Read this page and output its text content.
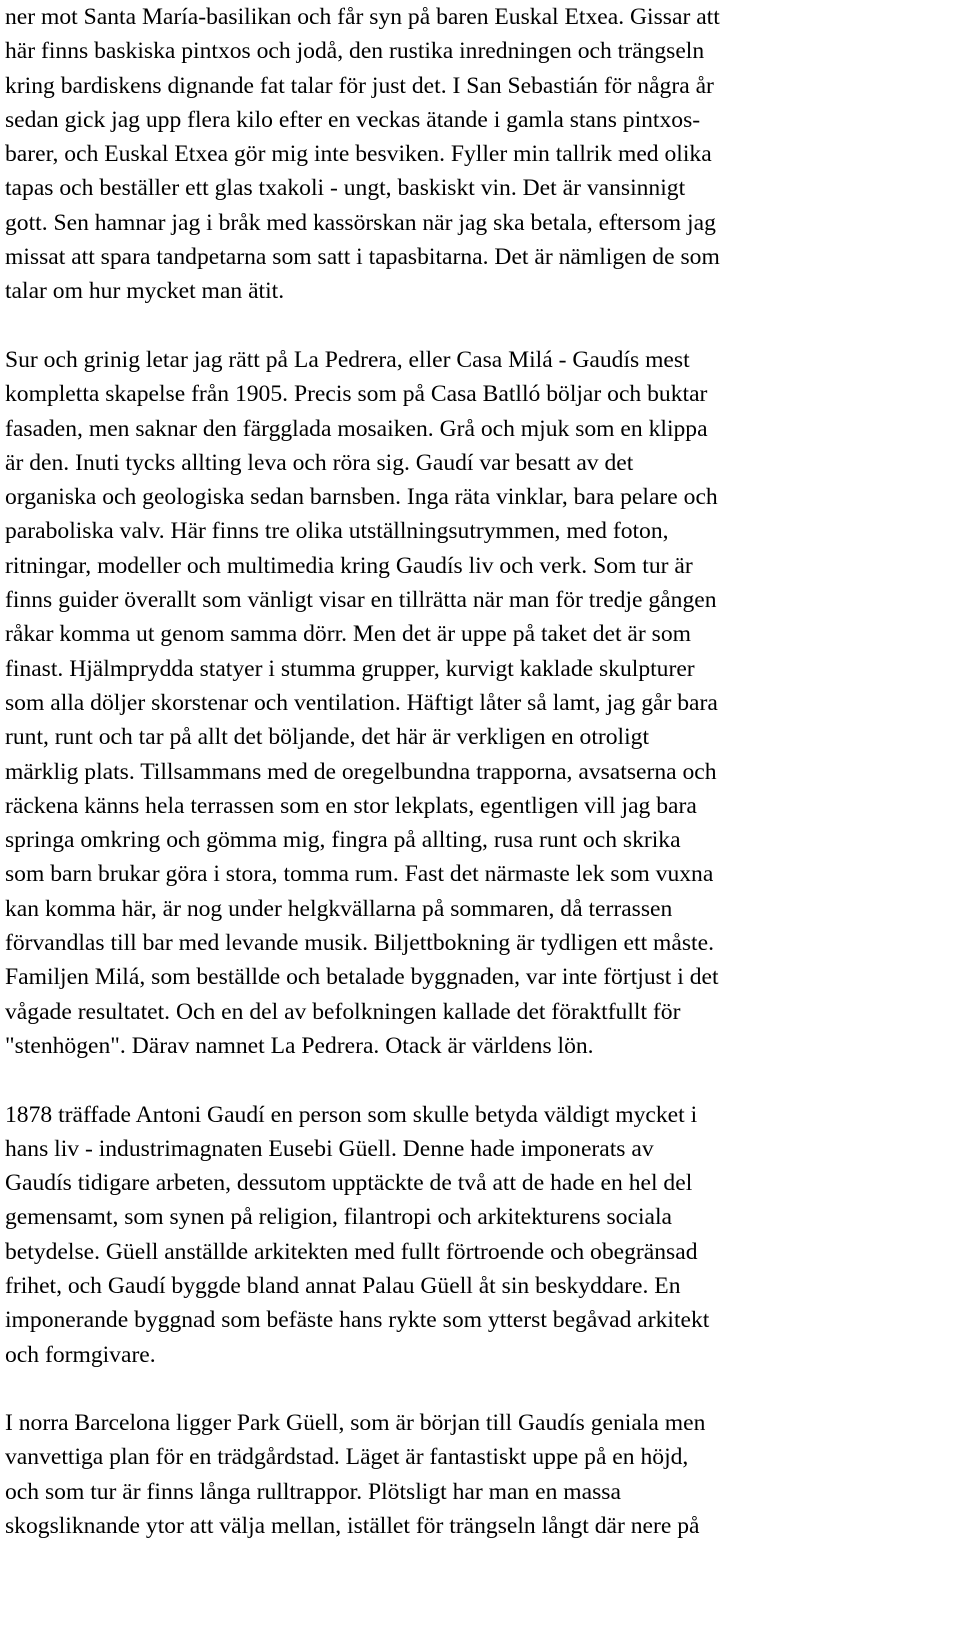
ner mot Santa María-basilikan och får syn på baren Euskal Etxea. Gissar att
här finns baskiska pintxos och jodå, den rustika inredningen och trängseln
kring bardiskens dignande fat talar för just det. I San Sebastián för några år
sedan gick jag upp flera kilo efter en veckas ätande i gamla stans pintxos-
barer, och Euskal Etxea gör mig inte besviken. Fyller min tallrik med olika
tapas och beställer ett glas txakoli - ungt, baskiskt vin. Det är vansinnigt
gott. Sen hamnar jag i bråk med kassörskan när jag ska betala, eftersom jag
missat att spara tandpetarna som satt i tapasbitarna. Det är nämligen de som
talar om hur mycket man ätit.

Sur och grinig letar jag rätt på La Pedrera, eller Casa Milá - Gaudís mest
kompletta skapelse från 1905. Precis som på Casa Batlló böljar och buktar
fasaden, men saknar den färgglada mosaiken. Grå och mjuk som en klippa
är den. Inuti tycks allting leva och röra sig. Gaudí var besatt av det
organiska och geologiska sedan barnsben. Inga räta vinklar, bara pelare och
paraboliska valv. Här finns tre olika utställningsutrymmen, med foton,
ritningar, modeller och multimedia kring Gaudís liv och verk. Som tur är
finns guider överallt som vänligt visar en tillrätta när man för tredje gången
råkar komma ut genom samma dörr. Men det är uppe på taket det är som
finast. Hjälmprydda statyer i stumma grupper, kurvigt kaklade skulpturer
som alla döljer skorstenar och ventilation. Häftigt låter så lamt, jag går bara
runt, runt och tar på allt det böljande, det här är verkligen en otroligt
märklig plats. Tillsammans med de oregelbundna trapporna, avsatserna och
räckena känns hela terrassen som en stor lekplats, egentligen vill jag bara
springa omkring och gömma mig, fingra på allting, rusa runt och skrika
som barn brukar göra i stora, tomma rum. Fast det närmaste lek som vuxna
kan komma här, är nog under helgkvällarna på sommaren, då terrassen
förvandlas till bar med levande musik. Biljettbokning är tydligen ett måste.
Familjen Milá, som beställde och betalade byggnaden, var inte förtjust i det
vågade resultatet. Och en del av befolkningen kallade det föraktfullt för
"stenhögen". Därav namnet La Pedrera. Otack är världens lön.

1878 träffade Antoni Gaudí en person som skulle betyda väldigt mycket i
hans liv - industrimagnaten Eusebi Güell. Denne hade imponerats av
Gaudís tidigare arbeten, dessutom upptäckte de två att de hade en hel del
gemensamt, som synen på religion, filantropi och arkitekturens sociala
betydelse. Güell anställde arkitekten med fullt förtroende och obegränsad
frihet, och Gaudí byggde bland annat Palau Güell åt sin beskyddare. En
imponerande byggnad som befäste hans rykte som ytterst begåvad arkitekt
och formgivare.

I norra Barcelona ligger Park Güell, som är början till Gaudís geniala men
vanvettiga plan för en trädgårdstad. Läget är fantastiskt uppe på en höjd,
och som tur är finns långa rulltrappor. Plötsligt har man en massa
skogsliknande ytor att välja mellan, istället för trängseln långt där nere på
